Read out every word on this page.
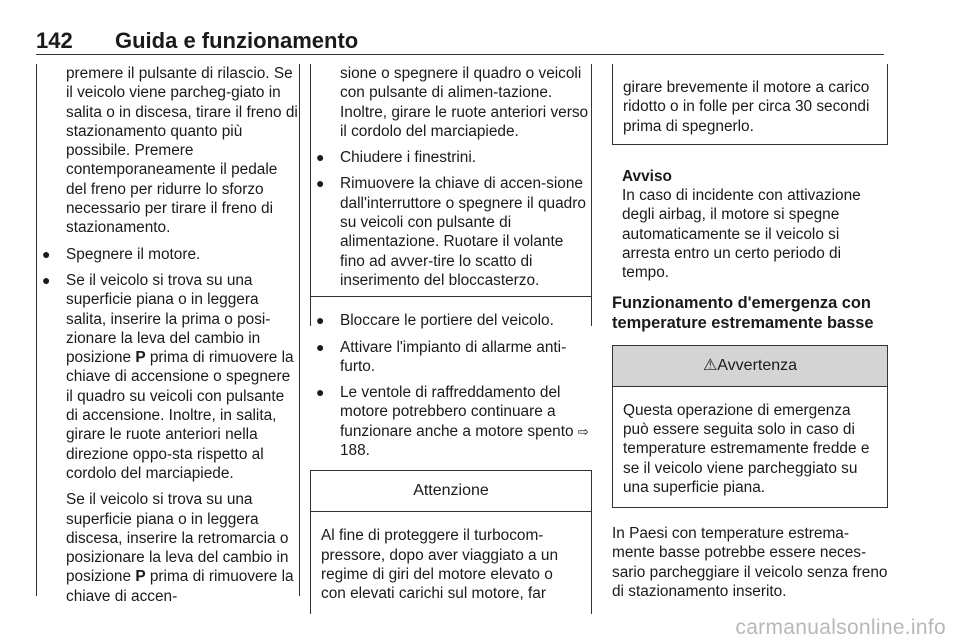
142 Guida e funzionamento

premere il pulsante di rilascio. Se il veicolo viene parcheg-giato in salita o in discesa, tirare il freno di stazionamento quanto più possibile. Premere contemporaneamente il pedale del freno per ridurre lo sforzo necessario per tirare il freno di stazionamento.

● Spegnere il motore.

● Se il veicolo si trova su una superficie piana o in leggera salita, inserire la prima o posi-zionare la leva del cambio in posizione P prima di rimuovere la chiave di accensione o spegnere il quadro su veicoli con pulsante di accensione. Inoltre, in salita, girare le ruote anteriori nella direzione oppo-sta rispetto al cordolo del marciapiede.

Se il veicolo si trova su una superficie piana o in leggera discesa, inserire la retromarcia o posizionare la leva del cambio in posizione P prima di rimuovere la chiave di accen-

sione o spegnere il quadro o veicoli con pulsante di alimen-tazione. Inoltre, girare le ruote anteriori verso il cordolo del marciapiede.

● Chiudere i finestrini.

● Rimuovere la chiave di accen-sione dall'interruttore o spegnere il quadro su veicoli con pulsante di alimentazione. Ruotare il volante fino ad avver-tire lo scatto di inserimento del bloccasterzo.

● Bloccare le portiere del veicolo.

● Attivare l'impianto di allarme anti-furto.

● Le ventole di raffreddamento del motore potrebbero continuare a funzionare anche a motore spento ⇨ 188.

Attenzione
Al fine di proteggere il turbocom-pressore, dopo aver viaggiato a un regime di giri del motore elevato o con elevati carichi sul motore, far

girare brevemente il motore a carico ridotto o in folle per circa 30 secondi prima di spegnerlo.

Avviso

In caso di incidente con attivazione degli airbag, il motore si spegne automaticamente se il veicolo si arresta entro un certo periodo di tempo.

Funzionamento d'emergenza con temperature estremamente basse

⚠Avvertenza
Questa operazione di emergenza può essere seguita solo in caso di temperature estremamente fredde e se il veicolo viene parcheggiato su una superficie piana.

In Paesi con temperature estrema-mente basse potrebbe essere neces-sario parcheggiare il veicolo senza freno di stazionamento inserito.

carmanualsonline.info
